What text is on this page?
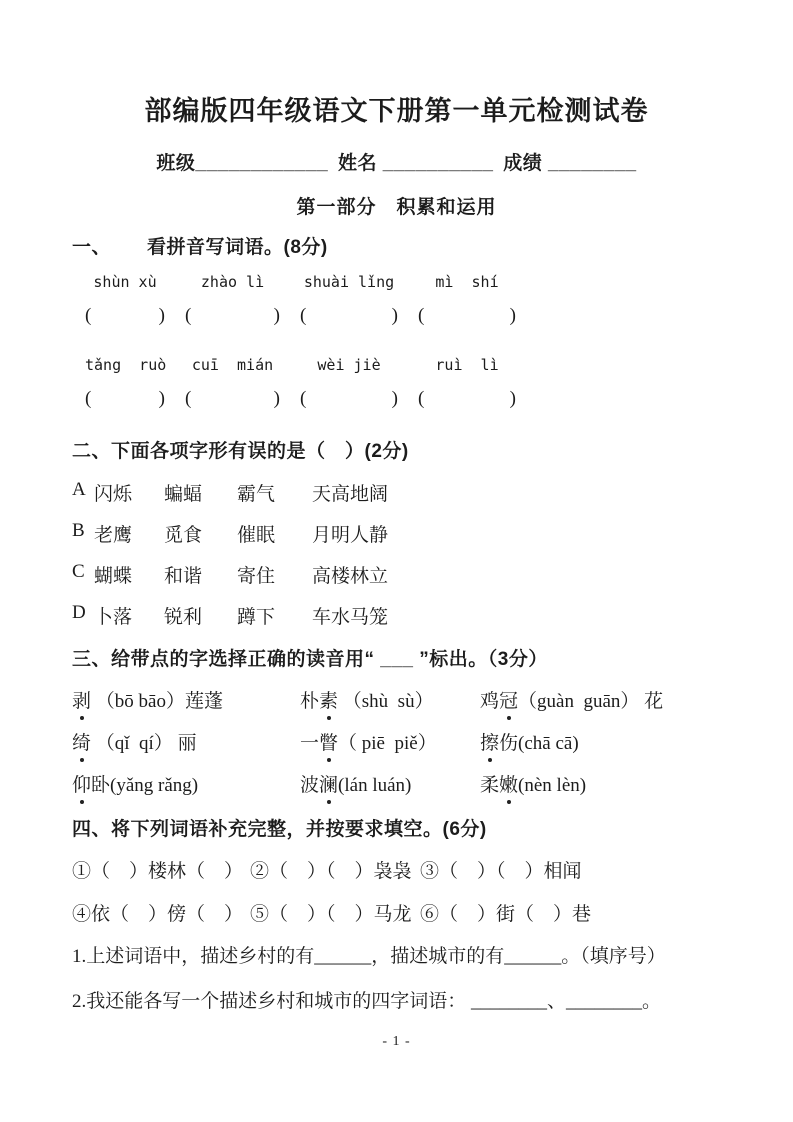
部编版四年级语文下册第一单元检测试卷
班级____________ 姓名 __________ 成绩 ________
第一部分　积累和运用
一、 看拼音写词语。(8分)
shùn xù	zhào lì	shuài lǐng	mì  shí
(	) (	) (	) (	)
tǎng  ruò	cuī  mián	wèi jiè	ruì  lì
(	) (	) (	) (	)
二、下面各项字形有误的是（　）(2分)
A 闪烁	蝙蝠	霸气	天高地阔
B 老鹰	觅食	催眠	月明人静
C 蝴蝶	和谐	寄住	高楼林立
D 卜落	锐利	蹲下	车水马笼
三、给带点的字选择正确的读音用“ ___ ”标出。（3分）
剥 （bō bāo）莲蓬	朴素 （shù  sù）	鸡冠（guàn  guān） 花
绮 （qǐ  qí） 丽	一瞥（ piē  piě）	擦伤(chā cā)
仰卧(yǎng rǎng)	波澜(lán luán)	柔嫩(nèn lèn)
四、将下列词语补充完整，并按要求填空。(6分)
①（　）楼林（　） ②（　）（　）袅袅 ③（　）（　）相闻
④依（　）傍（　） ⑤（　）（　）马龙 ⑥（　）街（　）巷
1.上述词语中，描述乡村的有______，描述城市的有______。（填序号）
2.我还能各写一个描述乡村和城市的四字词语： ________、________。
- 1 -
